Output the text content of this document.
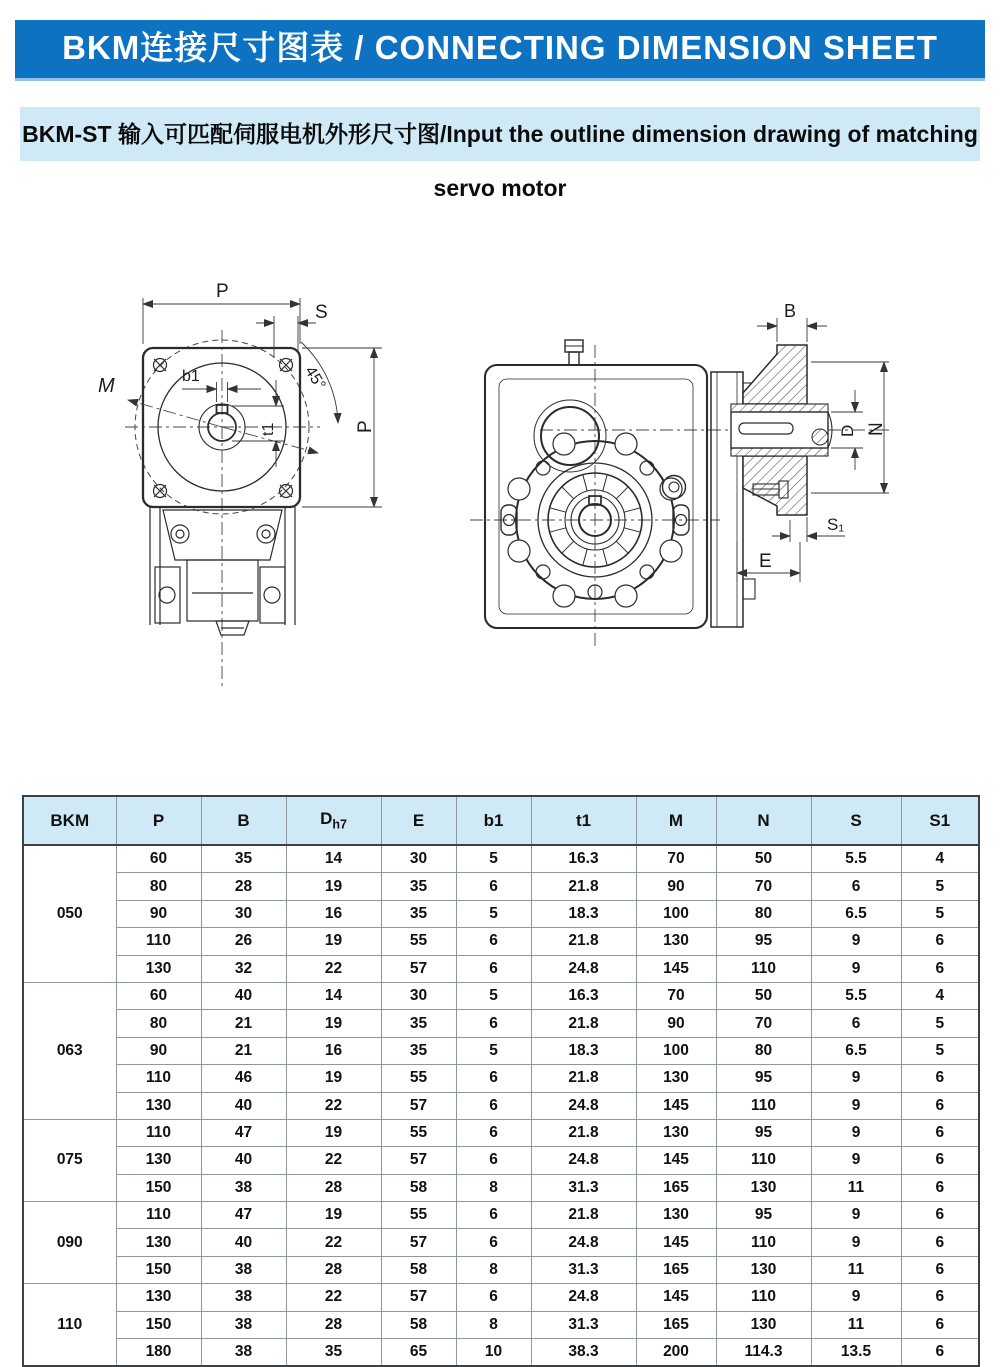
BKM连接尺寸图表 / CONNECTING DIMENSION SHEET
BKM-ST 输入可匹配伺服电机外形尺寸图/Input the outline dimension drawing of matching servo motor
P
S
45°
M	b1
t1	P
B
N
D
S₁
E
BKM	P	B	$D_{h7}$	E	b1	t1	M	N	S	S1
050	60	35	14	30	5	16.3	70	50	5.5	4
	80	28	19	35	6	21.8	90	70	6	5
	90	30	16	35	5	18.3	100	80	6.5	5
	110	26	19	55	6	21.8	130	95	9	6
	130	32	22	57	6	24.8	145	110	9	6
063	60	40	14	30	5	16.3	70	50	5.5	4
	80	21	19	35	6	21.8	90	70	6	5
	90	21	16	35	5	18.3	100	80	6.5	5
	110	46	19	55	6	21.8	130	95	9	6
	130	40	22	57	6	24.8	145	110	9	6
075	110	47	19	55	6	21.8	130	95	9	6
	130	40	22	57	6	24.8	145	110	9	6
	150	38	28	58	8	31.3	165	130	11	6
090	110	47	19	55	6	21.8	130	95	9	6
	130	40	22	57	6	24.8	145	110	9	6
	150	38	28	58	8	31.3	165	130	11	6
110	130	38	22	57	6	24.8	145	110	9	6
	150	38	28	58	8	31.3	165	130	11	6
	180	38	35	65	10	38.3	200	114.3	13.5	6
